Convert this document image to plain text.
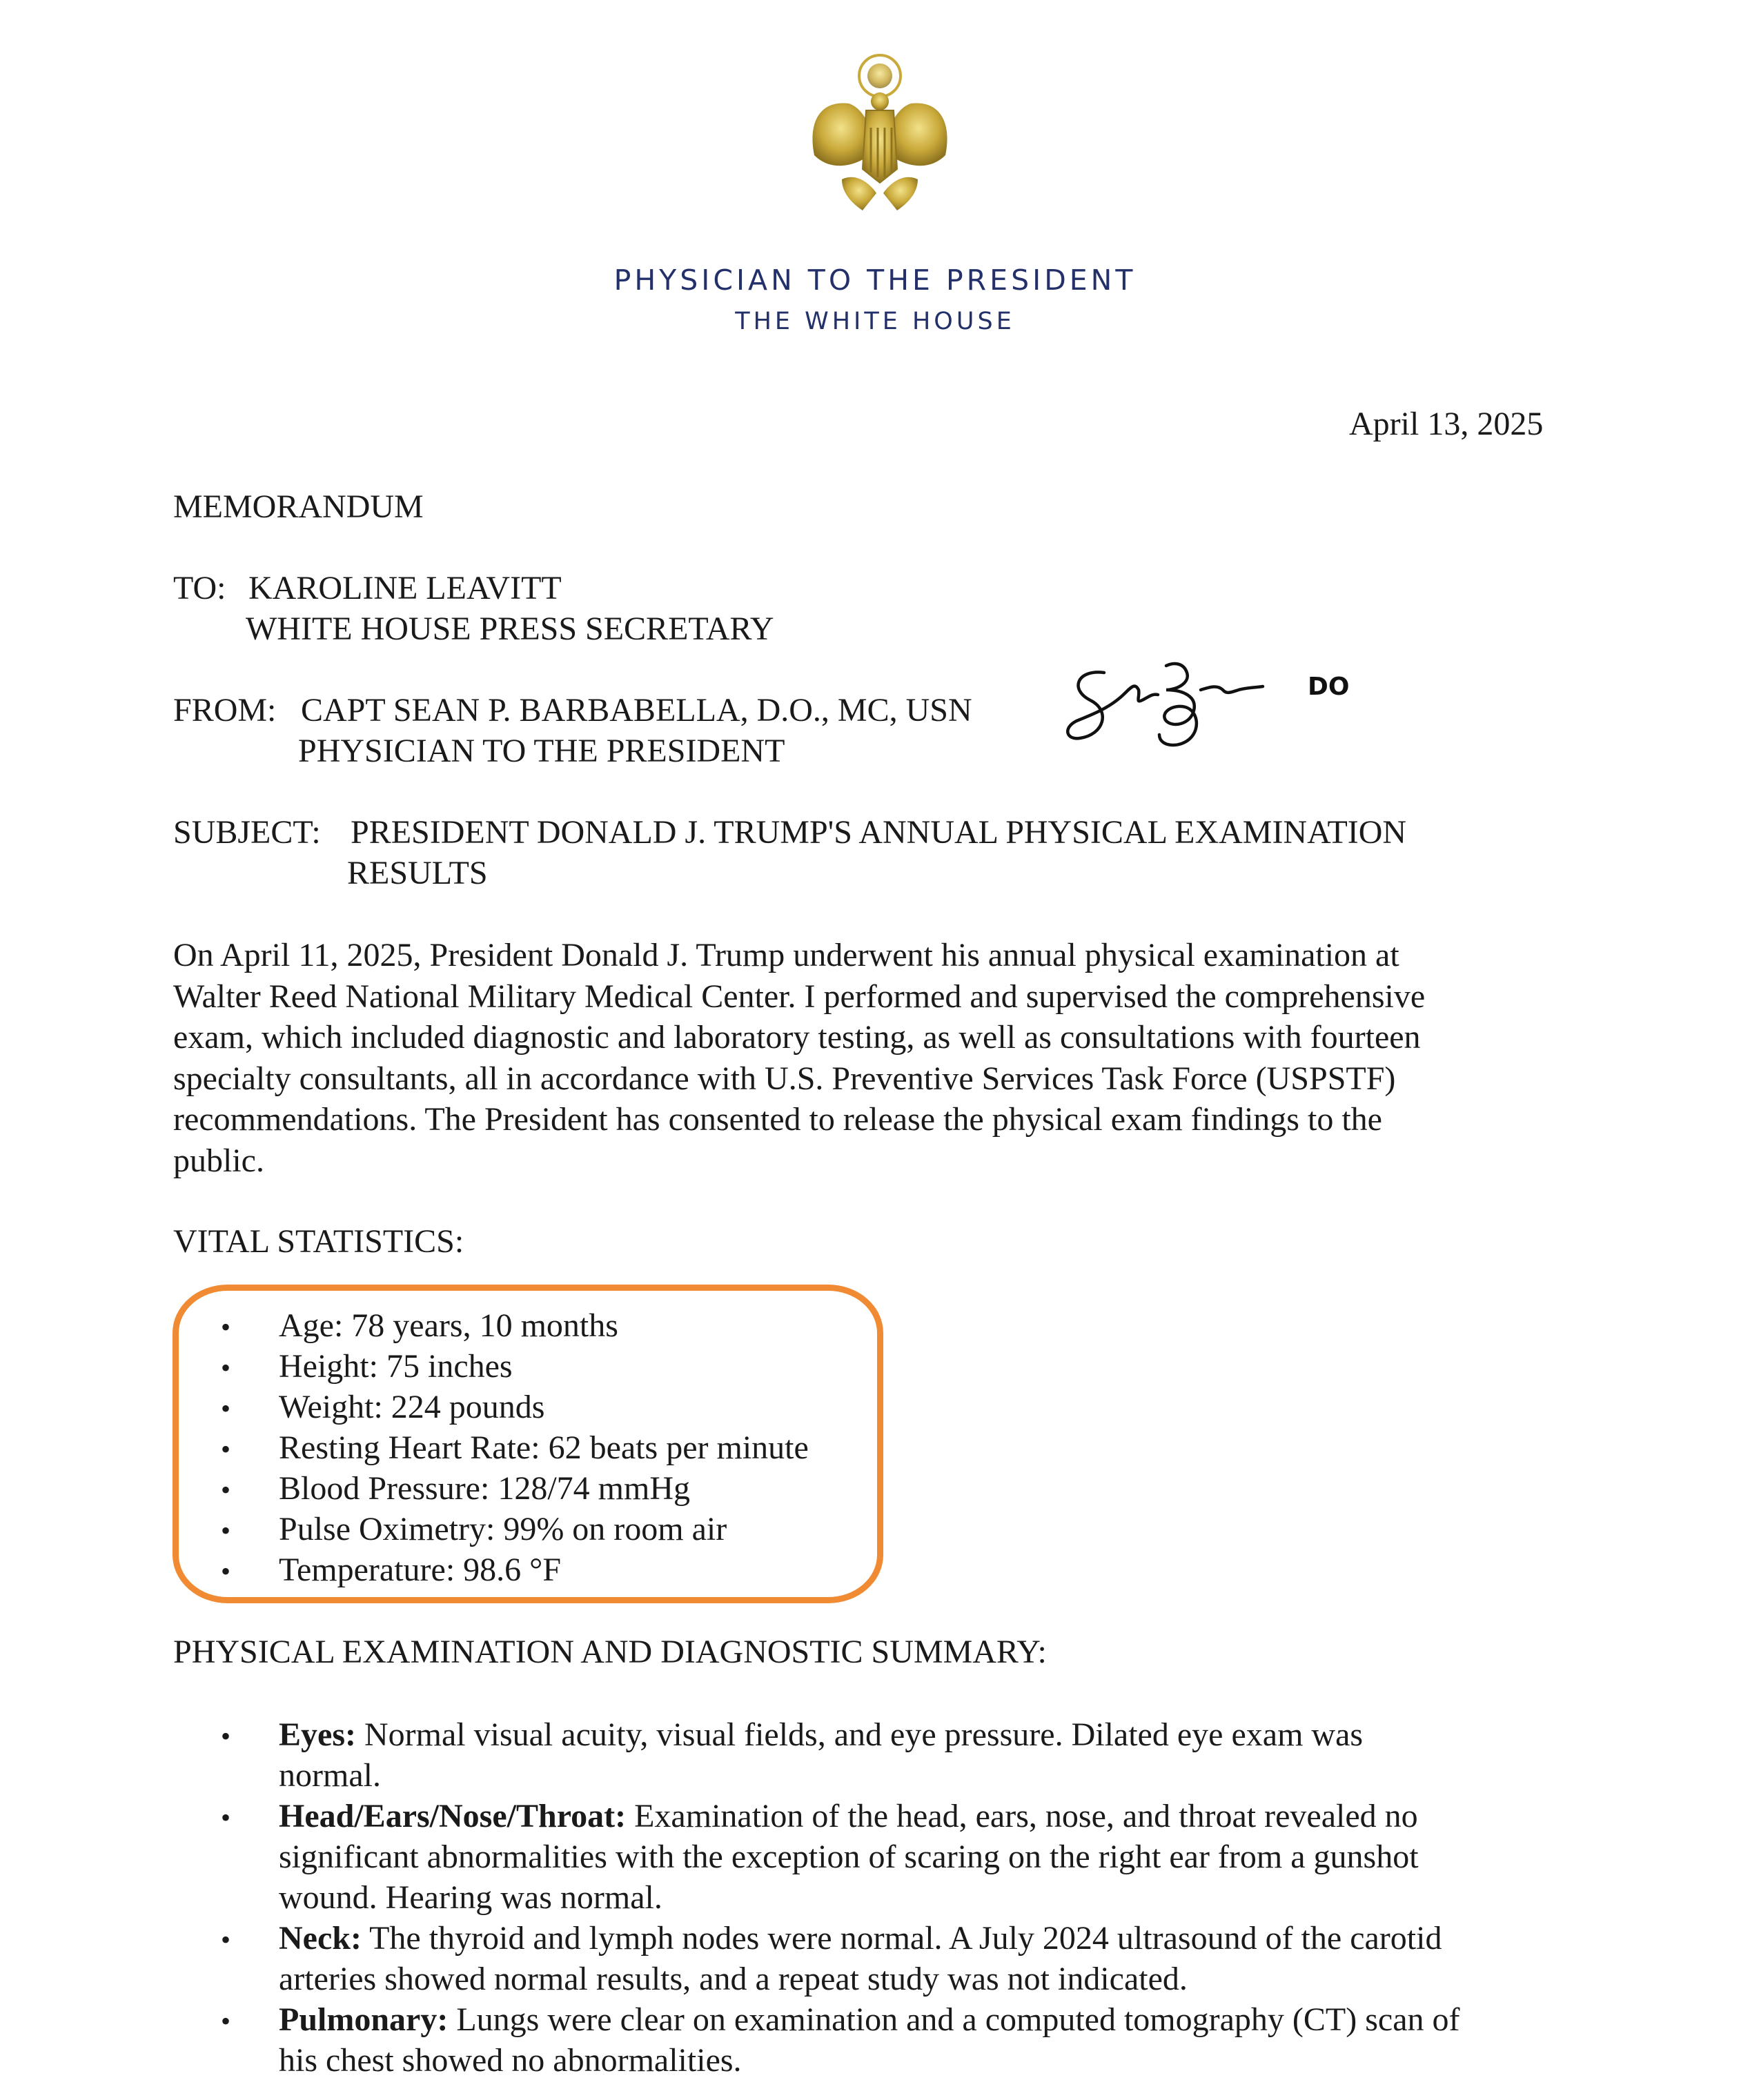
PHYSICIAN TO THE PRESIDENT
THE WHITE HOUSE
April 13, 2025
MEMORANDUM
TO: KAROLINE LEAVITT
WHITE HOUSE PRESS SECRETARY
FROM: CAPT SEAN P. BARBABELLA, D.O., MC, USN
PHYSICIAN TO THE PRESIDENT
DO
SUBJECT: PRESIDENT DONALD J. TRUMP'S ANNUAL PHYSICAL EXAMINATION
RESULTS
On April 11, 2025, President Donald J. Trump underwent his annual physical examination at
Walter Reed National Military Medical Center. I performed and supervised the comprehensive
exam, which included diagnostic and laboratory testing, as well as consultations with fourteen
specialty consultants, all in accordance with U.S. Preventive Services Task Force (USPSTF)
recommendations. The President has consented to release the physical exam findings to the
public.
VITAL STATISTICS:
• Age: 78 years, 10 months
• Height: 75 inches
• Weight: 224 pounds
• Resting Heart Rate: 62 beats per minute
• Blood Pressure: 128/74 mmHg
• Pulse Oximetry: 99% on room air
• Temperature: 98.6 °F
PHYSICAL EXAMINATION AND DIAGNOSTIC SUMMARY:
• Eyes: Normal visual acuity, visual fields, and eye pressure. Dilated eye exam was
normal.
• Head/Ears/Nose/Throat: Examination of the head, ears, nose, and throat revealed no
significant abnormalities with the exception of scaring on the right ear from a gunshot
wound. Hearing was normal.
• Neck: The thyroid and lymph nodes were normal. A July 2024 ultrasound of the carotid
arteries showed normal results, and a repeat study was not indicated.
• Pulmonary: Lungs were clear on examination and a computed tomography (CT) scan of
his chest showed no abnormalities.
